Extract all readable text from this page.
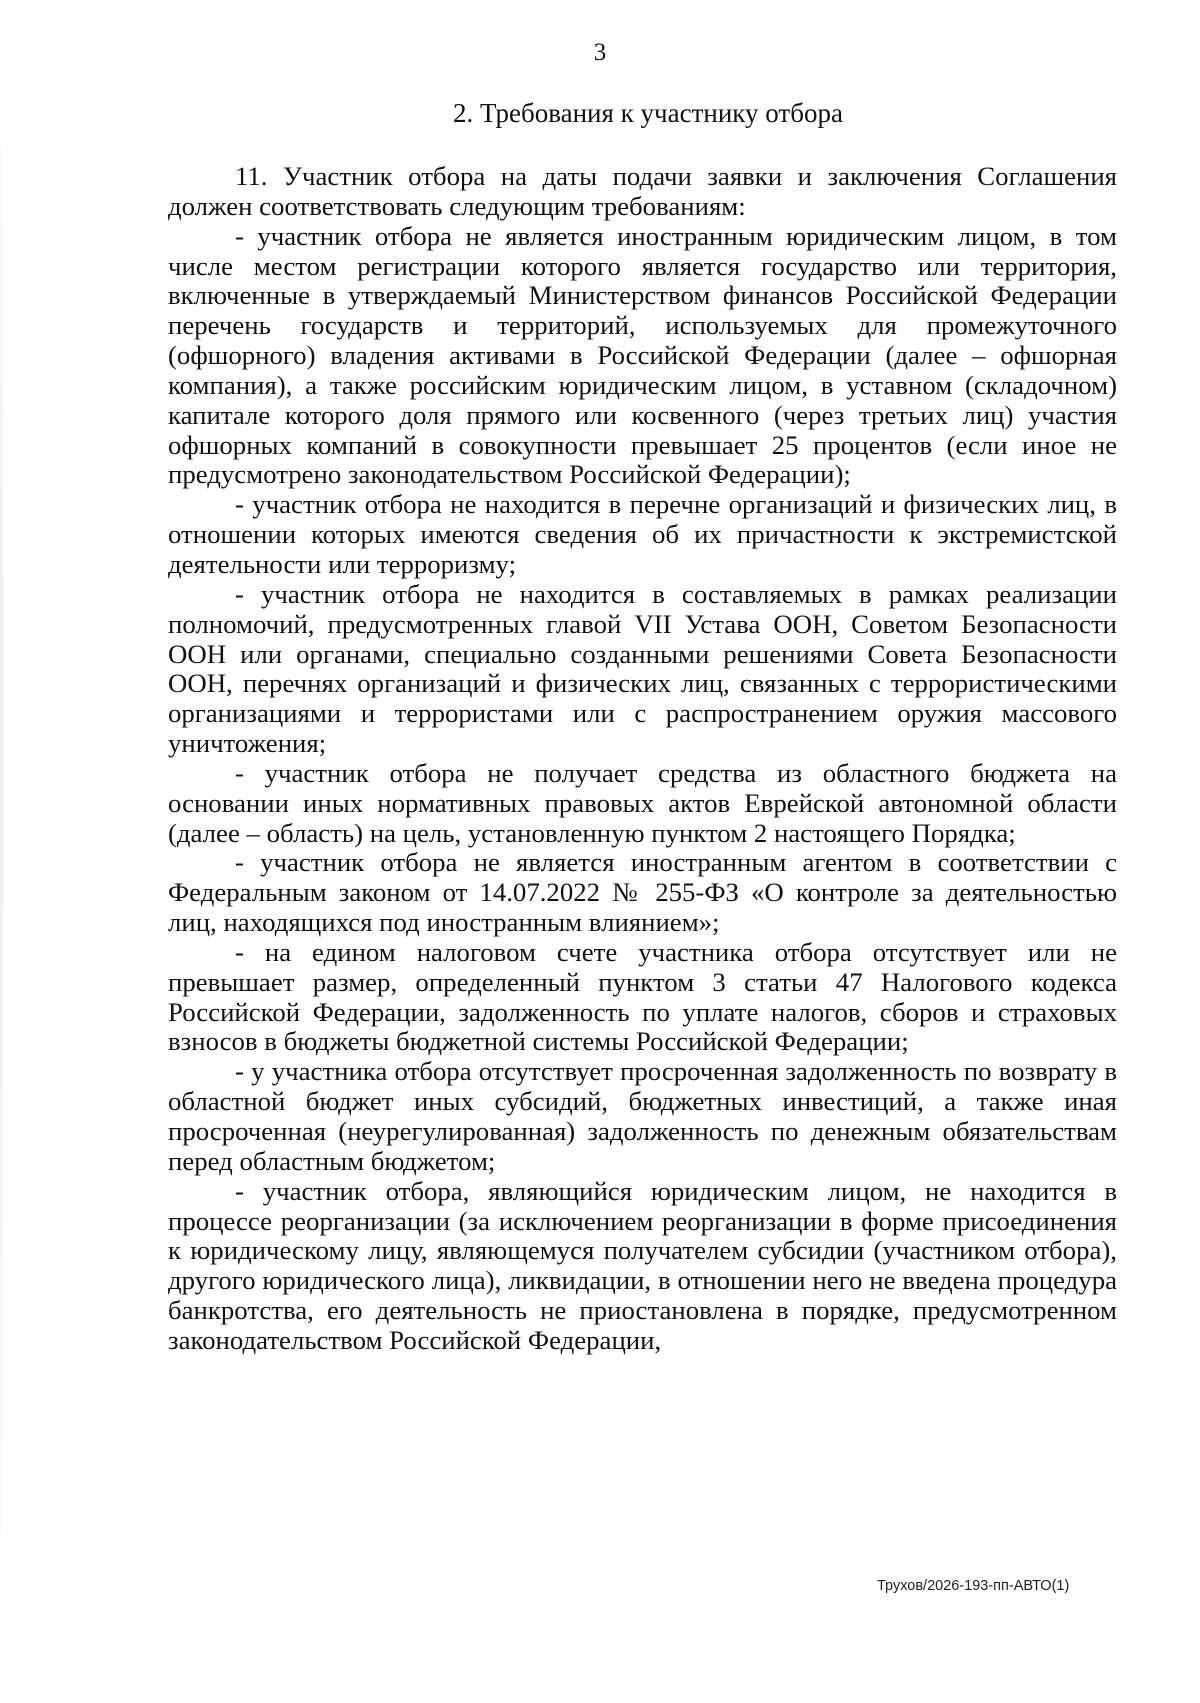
3
2. Требования к участнику отбора

11. Участник отбора на даты подачи заявки и заключения Соглашения должен соответствовать следующим требованиям:

- участник отбора не является иностранным юридическим лицом, в том числе местом регистрации которого является государство или территория, включенные в утверждаемый Министерством финансов Российской Федерации перечень государств и территорий, используемых для промежуточного (офшорного) владения активами в Российской Федерации (далее – офшорная компания), а также российским юридическим лицом, в уставном (складочном) капитале которого доля прямого или косвенного (через третьих лиц) участия офшорных компаний в совокупности превышает 25 процентов (если иное не предусмотрено законодательством Российской Федерации);

- участник отбора не находится в перечне организаций и физических лиц, в отношении которых имеются сведения об их причастности к экстремистской деятельности или терроризму;

- участник отбора не находится в составляемых в рамках реализации полномочий, предусмотренных главой VII Устава ООН, Советом Безопасности ООН или органами, специально созданными решениями Совета Безопасности ООН, перечнях организаций и физических лиц, связанных с террористическими организациями и террористами или с распространением оружия массового уничтожения;

- участник отбора не получает средства из областного бюджета на основании иных нормативных правовых актов Еврейской автономной области (далее – область) на цель, установленную пунктом 2 настоящего Порядка;

- участник отбора не является иностранным агентом в соответствии с Федеральным законом от 14.07.2022 № 255-ФЗ «О контроле за деятельностью лиц, находящихся под иностранным влиянием»;

- на едином налоговом счете участника отбора отсутствует или не превышает размер, определенный пунктом 3 статьи 47 Налогового кодекса Российской Федерации, задолженность по уплате налогов, сборов и страховых взносов в бюджеты бюджетной системы Российской Федерации;

- у участника отбора отсутствует просроченная задолженность по возврату в областной бюджет иных субсидий, бюджетных инвестиций, а также иная просроченная (неурегулированная) задолженность по денежным обязательствам перед областным бюджетом;

- участник отбора, являющийся юридическим лицом, не находится в процессе реорганизации (за исключением реорганизации в форме присоединения к юридическому лицу, являющемуся получателем субсидии (участником отбора), другого юридического лица), ликвидации, в отношении него не введена процедура банкротства, его деятельность не приостановлена в порядке, предусмотренном законодательством Российской Федерации,

Трухов/2026-193-пп-АВТО(1)
